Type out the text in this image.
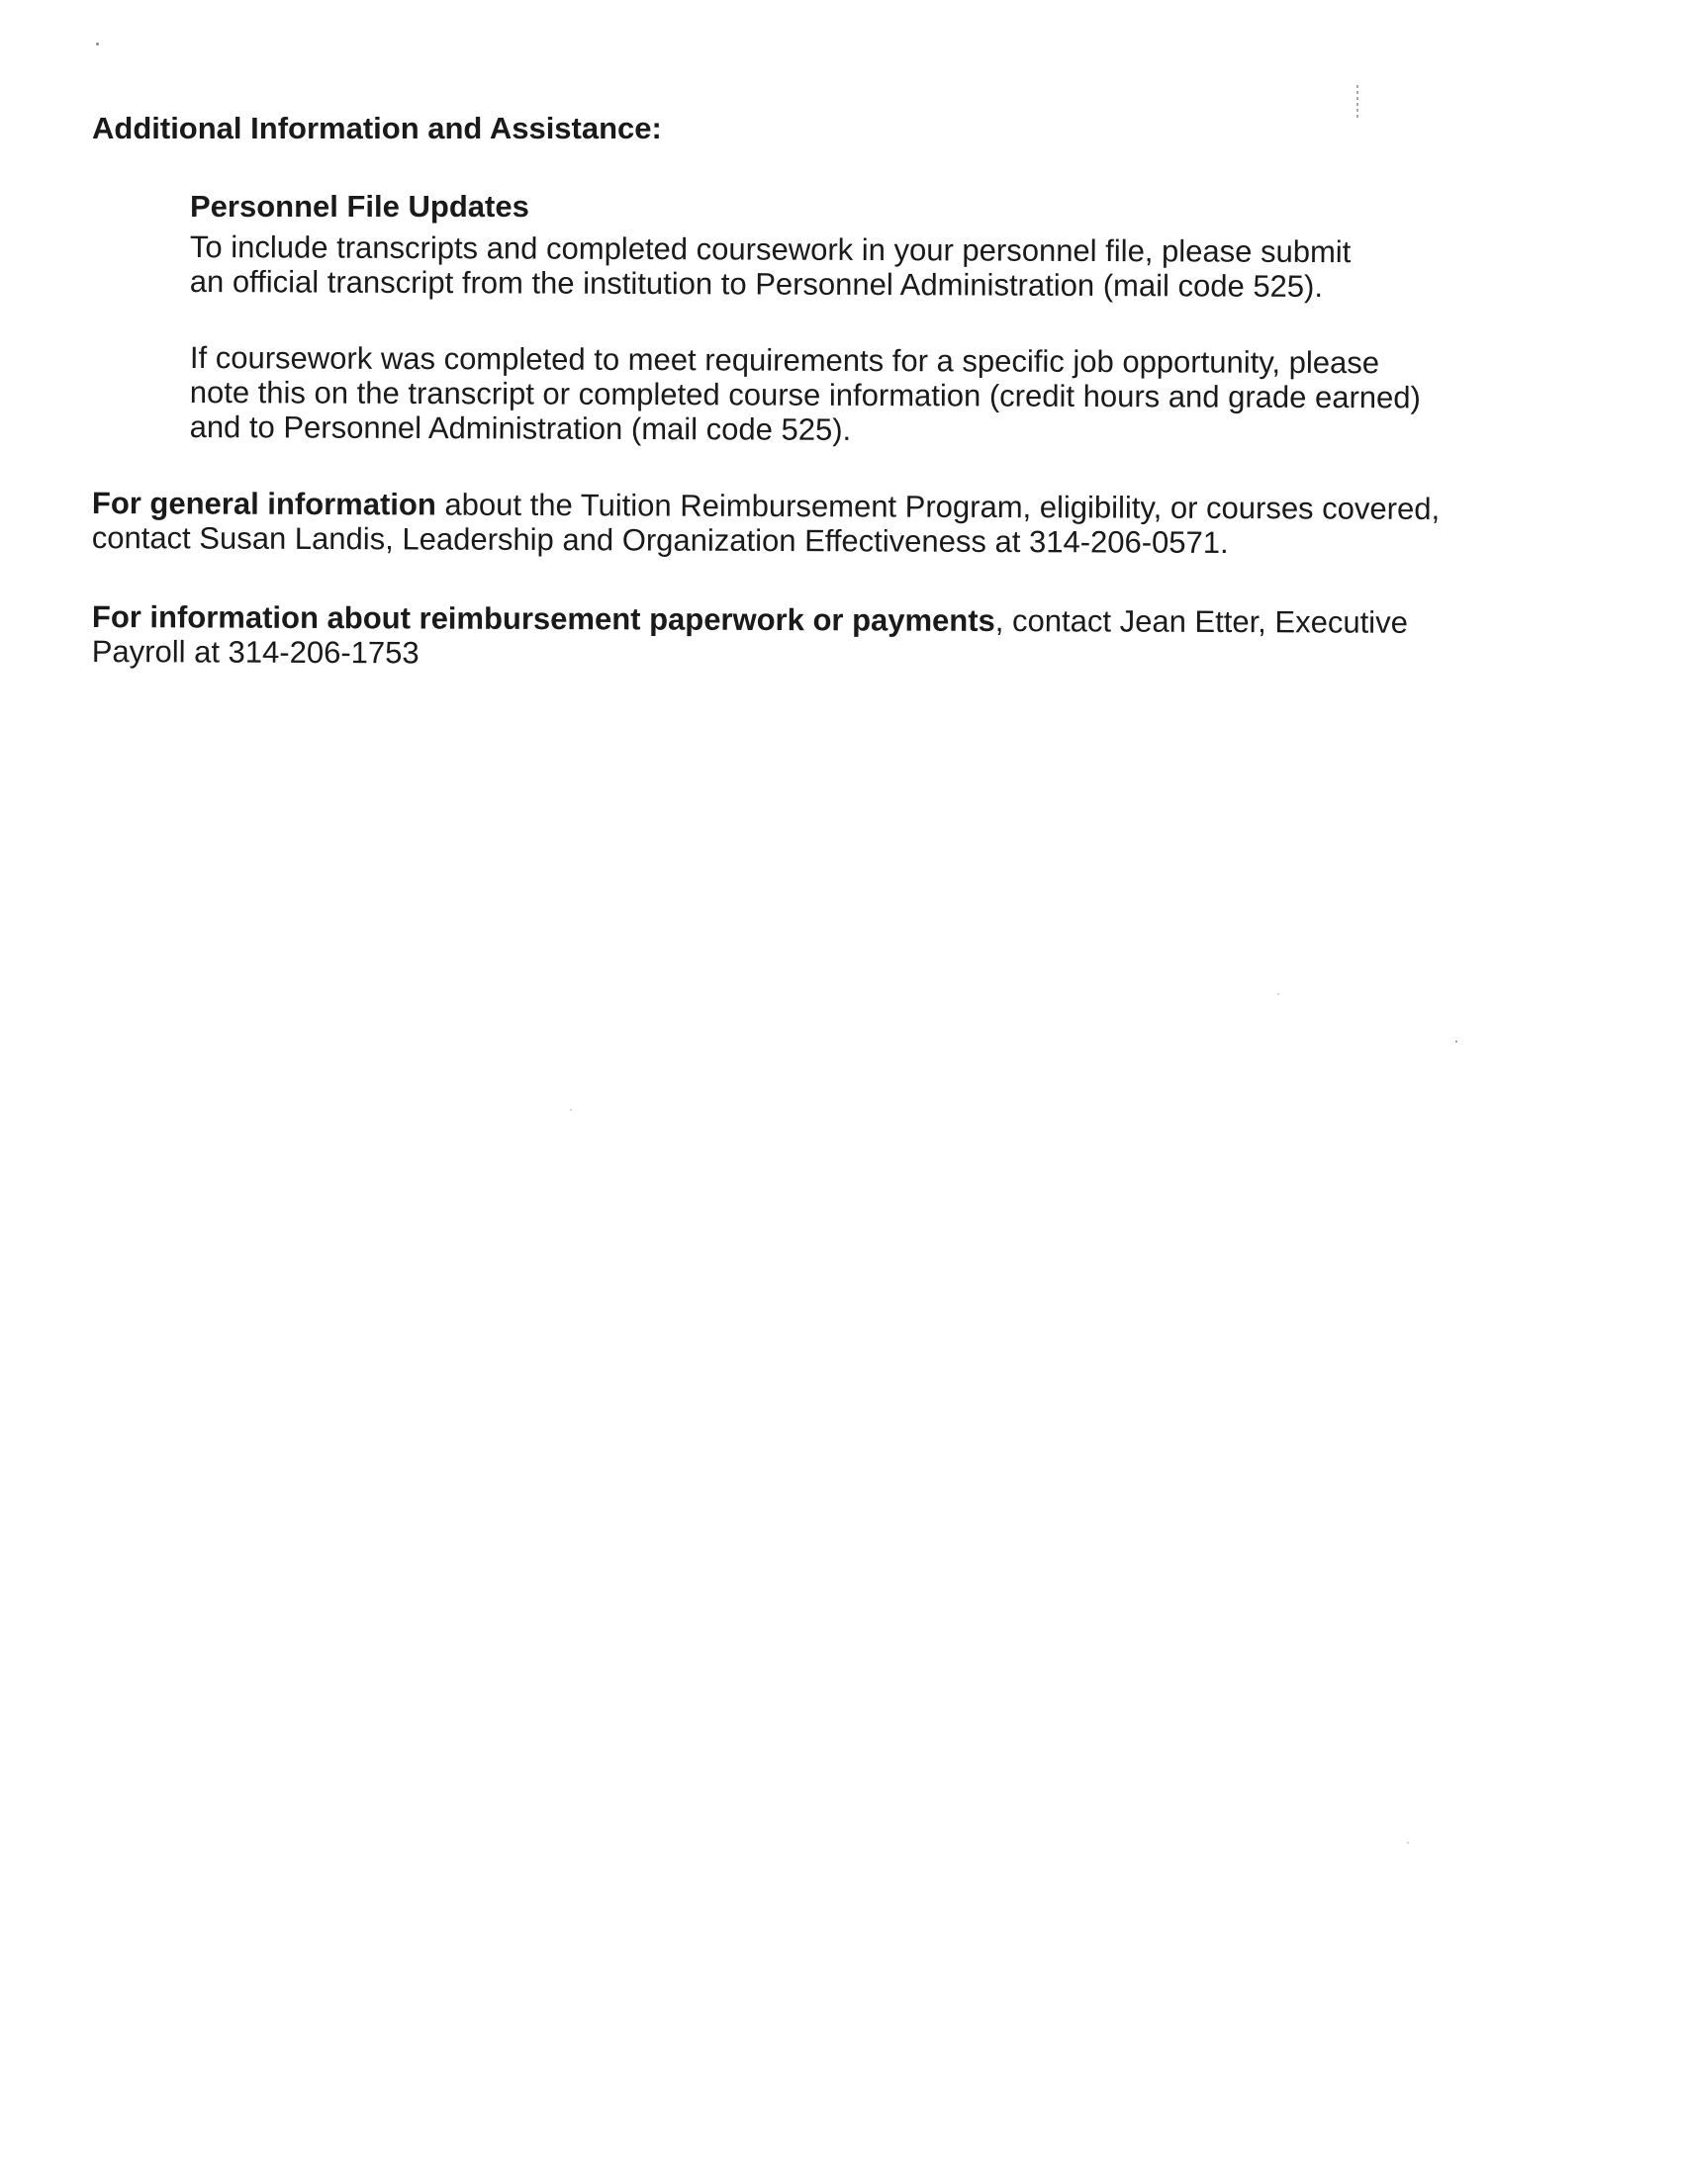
Additional Information and Assistance:
Personnel File Updates
To include transcripts and completed coursework in your personnel file, please submit
an official transcript from the institution to Personnel Administration (mail code 525).
If coursework was completed to meet requirements for a specific job opportunity, please
note this on the transcript or completed course information (credit hours and grade earned)
and to Personnel Administration (mail code 525).
For general information about the Tuition Reimbursement Program, eligibility, or courses covered,
contact Susan Landis, Leadership and Organization Effectiveness at 314-206-0571.
For information about reimbursement paperwork or payments, contact Jean Etter, Executive
Payroll at 314-206-1753
